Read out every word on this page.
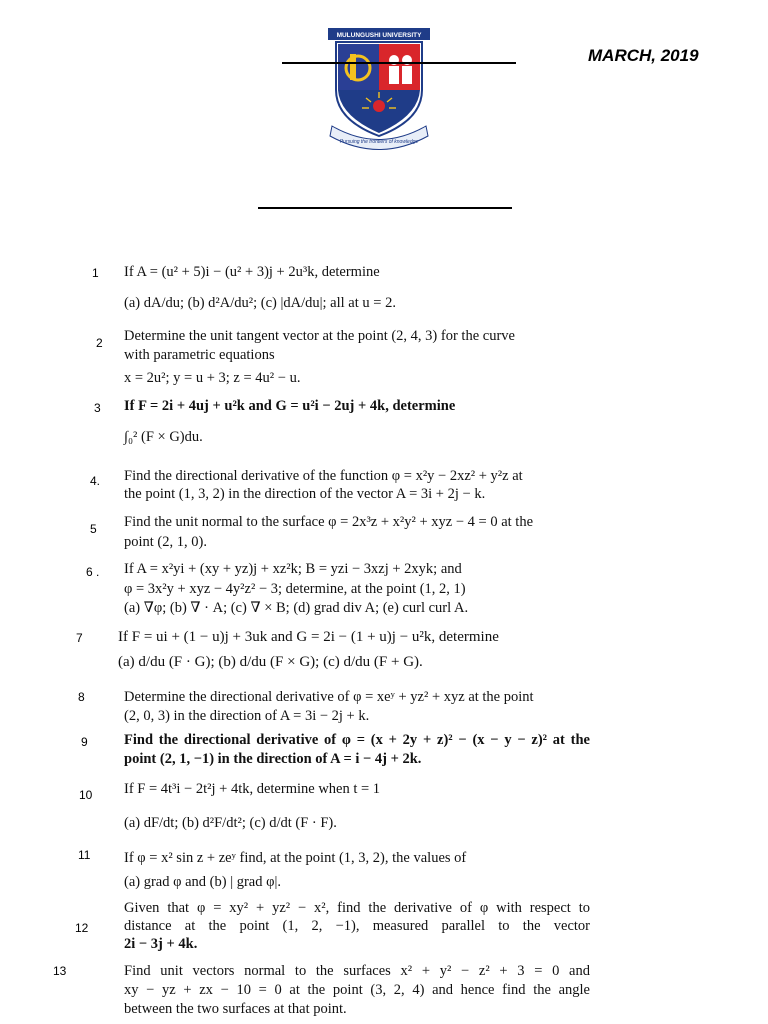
MULUNGUSHI UNIVERSITY
Pursuing the frontiers of knowledge
MARCH, 2019
1 If A = (u² + 5)i − (u² + 3)j + 2u³k, determine
(a) dA/du; (b) d²A/du²; (c) |dA/du|; all at u = 2.
2 Determine the unit tangent vector at the point (2, 4, 3) for the curve
with parametric equations
x = 2u²; y = u + 3; z = 4u² − u.
3 If F = 2i + 4uj + u²k and G = u²i − 2uj + 4k, determine
∫₀² (F × G)du.
4. Find the directional derivative of the function φ = x²y − 2xz² + y²z at
the point (1, 3, 2) in the direction of the vector A = 3i + 2j − k.
5 Find the unit normal to the surface φ = 2x³z + x²y² + xyz − 4 = 0 at the
point (2, 1, 0).
6 . If A = x²yi + (xy + yz)j + xz²k; B = yzi − 3xzj + 2xyk; and
φ = 3x²y + xyz − 4y²z² − 3; determine, at the point (1, 2, 1)
(a) ∇φ; (b) ∇ · A; (c) ∇ × B; (d) grad div A; (e) curl curl A.
7 If F = ui + (1 − u)j + 3uk and G = 2i − (1 + u)j − u²k, determine
(a) d/du (F · G); (b) d/du (F × G); (c) d/du (F + G).
8	Determine the directional derivative of φ = xeʸ + yz² + xyz at the point
(2, 0, 3) in the direction of A = 3i − 2j + k.
9	Find the directional derivative of φ = (x + 2y + z)² − (x − y − z)² at the
point (2, 1, −1) in the direction of A = i − 4j + 2k.
10 If F = 4t³i − 2t²j + 4tk, determine when t = 1
(a) dF/dt; (b) d²F/dt²; (c) d/dt (F · F).
11 If φ = x² sin z + zeʸ find, at the point (1, 3, 2), the values of
(a) grad φ and (b) | grad φ|.
12
Given that φ = xy² + yz² − x², find the derivative of φ with respect to
distance at the point (1, 2, −1), measured parallel to the vector
2i − 3j + 4k.
13	Find unit vectors normal to the surfaces x² + y² − z² + 3 = 0 and
xy − yz + zx − 10 = 0 at the point (3, 2, 4) and hence find the angle
between the two surfaces at that point.
